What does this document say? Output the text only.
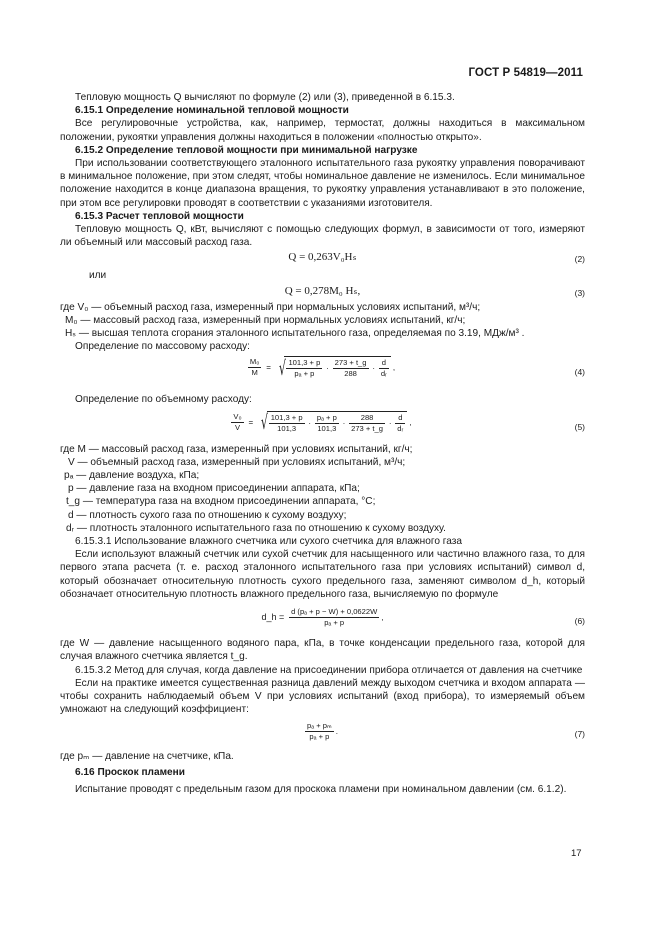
ГОСТ Р 54819—2011
Тепловую мощность Q вычисляют по формуле (2) или (3), приведенной в 6.15.3.
6.15.1 Определение номинальной тепловой мощности
Все регулировочные устройства, как, например, термостат, должны находиться в максимальном положении, рукоятки управления должны находиться в положении «полностью открыто».
6.15.2 Определение тепловой мощности при минимальной нагрузке
При использовании соответствующего эталонного испытательного газа рукоятку управления поворачивают в минимальное положение, при этом следят, чтобы номинальное давление не изменилось. Если минимальное положение находится в конце диапазона вращения, то рукоятку управления устанавливают в это положение, при этом все регулировки проводят в соответствии с указаниями изготовителя.
6.15.3 Расчет тепловой мощности
Тепловую мощность Q, кВт, вычисляют с помощью следующих формул, в зависимости от того, измеряют ли объемный или массовый расход газа.
Q = 0,263V₀Hₛ	(2)
или
Q = 0,278M₀ Hₛ,	(3)
где V₀ — объемный расход газа, измеренный при нормальных условиях испытаний, м³/ч;
M₀ — массовый расход газа, измеренный при нормальных условиях испытаний, кг/ч;
Hₛ — высшая теплота сгорания эталонного испытательного газа, определяемая по 3.19, МДж/м³ .
Определение по массовому расходу:
$\frac{\text{M₀}}{M}$ = √ $\frac{101,3 + p}{\text{pₐ + p}} \cdot \frac{273 + t\_g}{288} \cdot \frac{d}{\text{dᵣ}}$ ,	(4)
Определение по объемному расходу:
$\frac{\text{V₀}}{V}$ = √ $\frac{101,3 + p}{101,3} \cdot \frac{\text{pₐ + p}}{101,3} \cdot \frac{288}{273 + t\_g} \cdot \frac{d}{\text{dᵣ}}$ ,	(5)
где M — массовый расход газа, измеренный при условиях испытаний, кг/ч;
V — объемный расход газа, измеренный при условиях испытаний, м³/ч;
pₐ — давление воздуха, кПа;
p — давление газа на входном присоединении аппарата, кПа;
t_g — температура газа на входном присоединении аппарата, °С;
d — плотность сухого газа по отношению к сухому воздуху;
dᵣ — плотность эталонного испытательного газа по отношению к сухому воздуху.
6.15.3.1 Использование влажного счетчика или сухого счетчика для влажного газа
Если используют влажный счетчик или сухой счетчик для насыщенного или частично влажного газа, то для первого этапа расчета (т. е. расход эталонного испытательного газа при условиях испытаний) символ d, который обозначает относительную плотность сухого предельного газа, заменяют символом d_h, который обозначает относительную плотность влажного предельного газа, вычисляемую по формуле
d_h = $\frac{\text{d (pₐ + p − W) + 0,0622W}}{\text{pₐ + p}}$ ,	(6)
где W — давление насыщенного водяного пара, кПа, в точке конденсации предельного газа, которой для случая влажного счетчика является t_g.
6.15.3.2 Метод для случая, когда давление на присоединении прибора отличается от давления на счетчике
Если на практике имеется существенная разница давлений между выходом счетчика и входом аппарата — чтобы сохранить наблюдаемый объем V при условиях испытаний (вход прибора), то измеряемый объем умножают на следующий коэффициент:
$\frac{\text{pₐ + pₘ}}{\text{pₐ + p}}$ .	(7)
где pₘ — давление на счетчике, кПа.
6.16 Проскок пламени
Испытание проводят с предельным газом для проскока пламени при номинальном давлении (см. 6.1.2).
17
